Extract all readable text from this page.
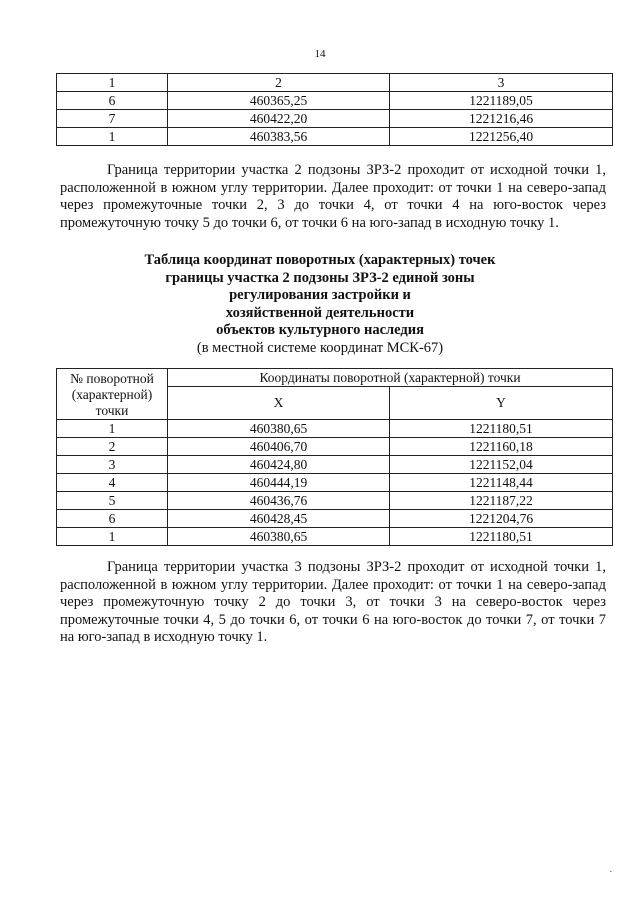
14
1	2	3
6	460365,25	1221189,05
7	460422,20	1221216,46
1	460383,56	1221256,40

Граница территории участка 2 подзоны ЗРЗ-2 проходит от исходной точки 1, расположенной в южном углу территории. Далее проходит: от точки 1 на северо-запад через промежуточные точки 2, 3 до точки 4, от точки 4 на юго-восток через промежуточную точку 5 до точки 6, от точки 6 на юго-запад в исходную точку 1.

Таблица координат поворотных (характерных) точек
границы участка 2 подзоны ЗРЗ-2 единой зоны
регулирования застройки и
хозяйственной деятельности
объектов культурного наследия
(в местной системе координат МСК-67)
№ поворотной
(характерной)
точки	Координаты поворотной (характерной) точки	
	X	Y
1	460380,65	1221180,51
2	460406,70	1221160,18
3	460424,80	1221152,04
4	460444,19	1221148,44
5	460436,76	1221187,22
6	460428,45	1221204,76
1	460380,65	1221180,51

Граница территории участка 3 подзоны ЗРЗ-2 проходит от исходной точки 1, расположенной в южном углу территории. Далее проходит: от точки 1 на северо-запад через промежуточную точку 2 до точки 3, от точки 3 на северо-восток через промежуточные точки 4, 5 до точки 6, от точки 6 на юго-восток до точки 7, от точки 7 на юго-запад в исходную точку 1.

·
